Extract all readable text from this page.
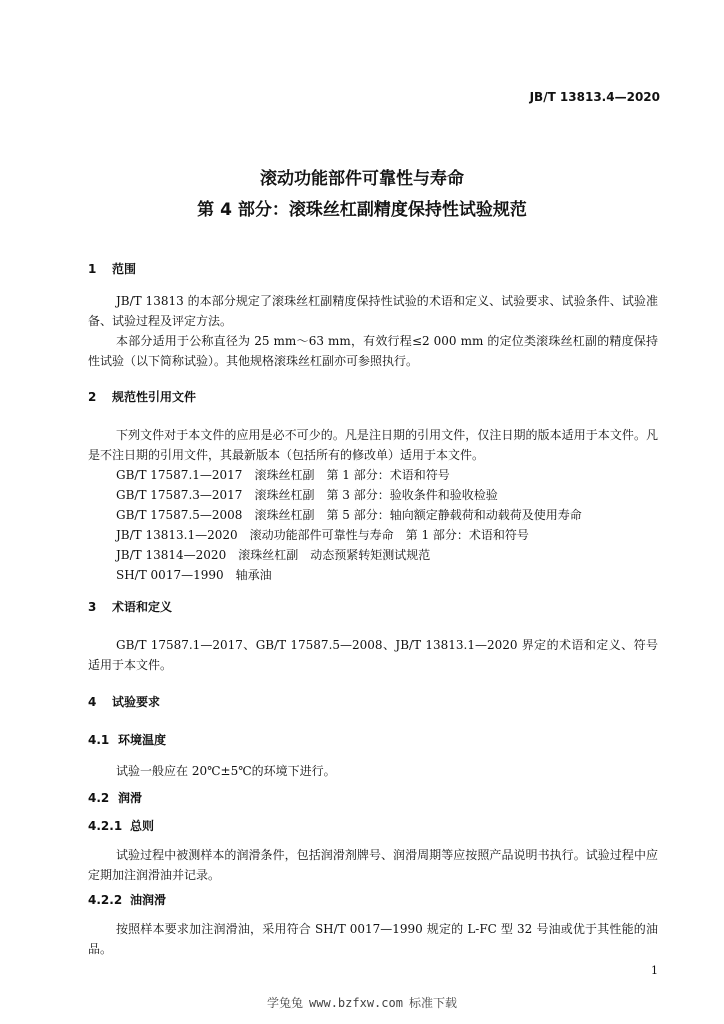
JB/T 13813.4—2020
滚动功能部件可靠性与寿命
第 4 部分：滚珠丝杠副精度保持性试验规范
1 范围
JB/T 13813 的本部分规定了滚珠丝杠副精度保持性试验的术语和定义、试验要求、试验条件、试验准备、试验过程及评定方法。
本部分适用于公称直径为 25 mm～63 mm，有效行程≤2 000 mm 的定位类滚珠丝杠副的精度保持性试验（以下简称试验）。其他规格滚珠丝杠副亦可参照执行。
2 规范性引用文件
下列文件对于本文件的应用是必不可少的。凡是注日期的引用文件，仅注日期的版本适用于本文件。凡是不注日期的引用文件，其最新版本（包括所有的修改单）适用于本文件。
GB/T 17587.1—2017 滚珠丝杠副 第 1 部分：术语和符号
GB/T 17587.3—2017 滚珠丝杠副 第 3 部分：验收条件和验收检验
GB/T 17587.5—2008 滚珠丝杠副 第 5 部分：轴向额定静载荷和动载荷及使用寿命
JB/T 13813.1—2020 滚动功能部件可靠性与寿命 第 1 部分：术语和符号
JB/T 13814—2020 滚珠丝杠副 动态预紧转矩测试规范
SH/T 0017—1990 轴承油
3 术语和定义
GB/T 17587.1—2017、GB/T 17587.5—2008、JB/T 13813.1—2020 界定的术语和定义、符号适用于本文件。
4 试验要求
4.1 环境温度
试验一般应在 20℃±5℃的环境下进行。
4.2 润滑
4.2.1 总则
试验过程中被测样本的润滑条件，包括润滑剂牌号、润滑周期等应按照产品说明书执行。试验过程中应定期加注润滑油并记录。
4.2.2 油润滑
按照样本要求加注润滑油，采用符合 SH/T 0017—1990 规定的 L-FC 型 32 号油或优于其性能的油品。
1
学兔兔 www.bzfxw.com 标准下载
